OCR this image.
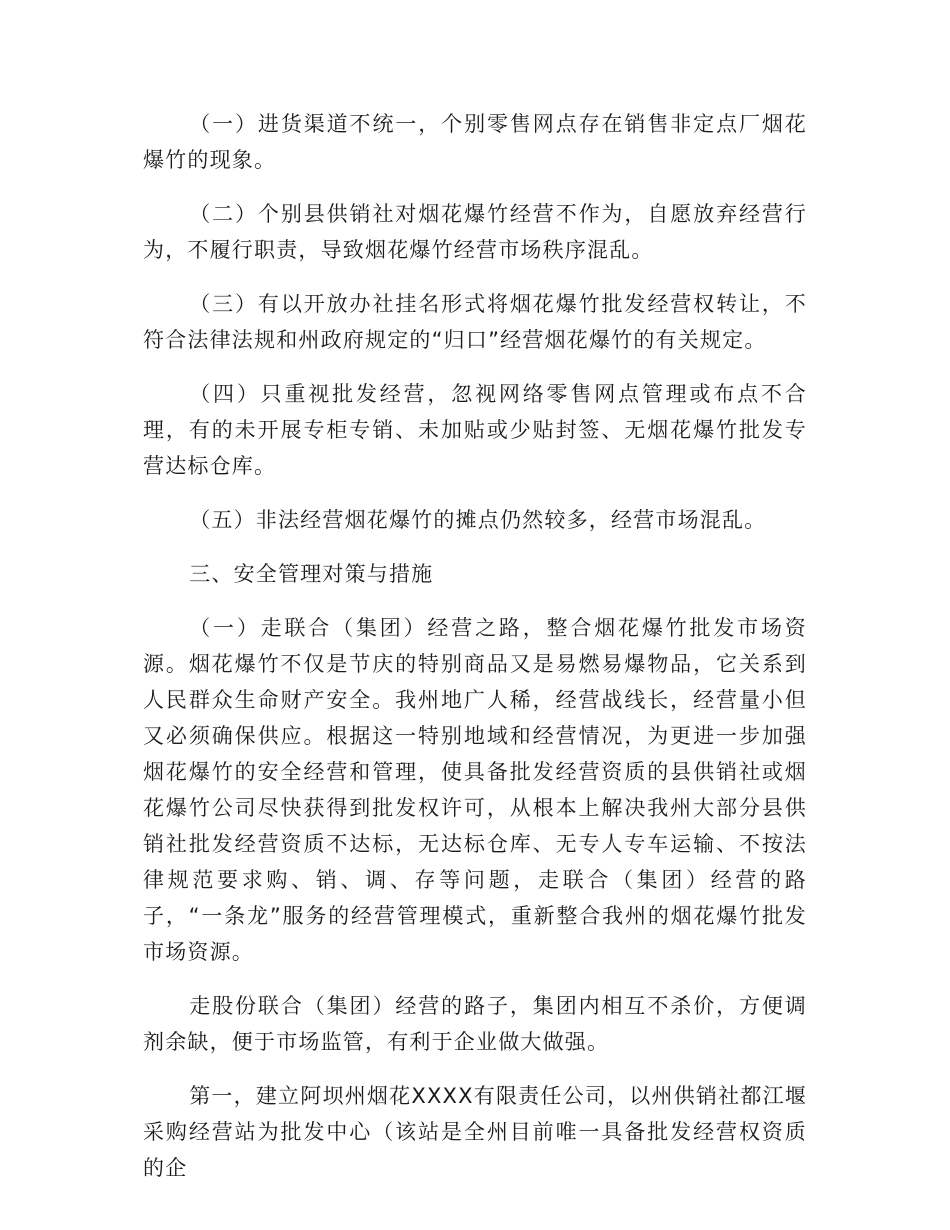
（一）进货渠道不统一，个别零售网点存在销售非定点厂烟花爆竹的现象。

（二）个别县供销社对烟花爆竹经营不作为，自愿放弃经营行为，不履行职责，导致烟花爆竹经营市场秩序混乱。

（三）有以开放办社挂名形式将烟花爆竹批发经营权转让，不符合法律法规和州政府规定的“归口”经营烟花爆竹的有关规定。

（四）只重视批发经营，忽视网络零售网点管理或布点不合理，有的未开展专柜专销、未加贴或少贴封签、无烟花爆竹批发专营达标仓库。

（五）非法经营烟花爆竹的摊点仍然较多，经营市场混乱。

三、安全管理对策与措施

（一）走联合（集团）经营之路，整合烟花爆竹批发市场资源。烟花爆竹不仅是节庆的特别商品又是易燃易爆物品，它关系到人民群众生命财产安全。我州地广人稀，经营战线长，经营量小但又必须确保供应。根据这一特别地域和经营情况，为更进一步加强烟花爆竹的安全经营和管理，使具备批发经营资质的县供销社或烟花爆竹公司尽快获得到批发权许可，从根本上解决我州大部分县供销社批发经营资质不达标，无达标仓库、无专人专车运输、不按法律规范要求购、销、调、存等问题，走联合（集团）经营的路子，“一条龙”服务的经营管理模式，重新整合我州的烟花爆竹批发市场资源。

走股份联合（集团）经营的路子，集团内相互不杀价，方便调剂余缺，便于市场监管，有利于企业做大做强。

第一，建立阿坝州烟花XXXX有限责任公司，以州供销社都江堰采购经营站为批发中心（该站是全州目前唯一具备批发经营权资质的企
